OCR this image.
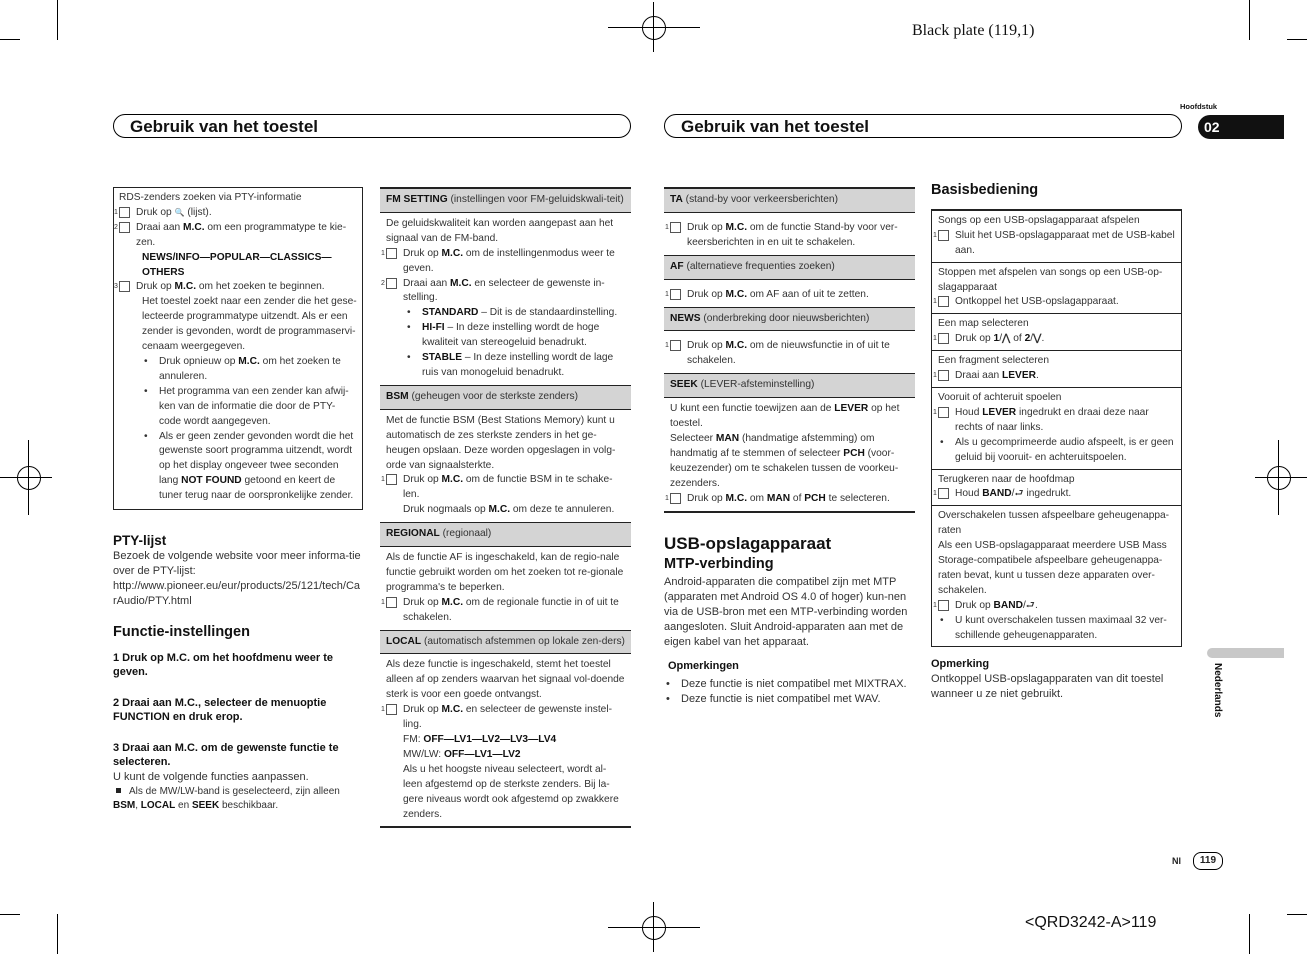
Black plate (119,1)
<QRD3242-A>119
Gebruik van het toestel	Gebruik van het toestel
Hoofdstuk
02
Nederlands
Nl	119
RDS-zenders zoeken via PTY-informatie
1 Druk op 🔍 (lijst).
2 Draai aan M.C. om een programmatype te kie-zen.
NEWS/INFO—POPULAR—CLASSICS—OTHERS
3 Druk op M.C. om het zoeken te beginnen.
Het toestel zoekt naar een zender die het gese-lecteerde programmatype uitzendt. Als er een zender is gevonden, wordt de programmaservi-cenaam weergegeven.
• Druk opnieuw op M.C. om het zoeken te annuleren.
• Het programma van een zender kan afwij-ken van de informatie die door de PTY-code wordt aangegeven.
• Als er geen zender gevonden wordt die het gewenste soort programma uitzendt, wordt op het display ongeveer twee seconden lang NOT FOUND getoond en keert de tuner terug naar de oorspronkelijke zender.
PTY-lijst
Bezoek de volgende website voor meer informa-tie over de PTY-lijst:
http://www.pioneer.eu/eur/products/25/121/tech/CarAudio/PTY.html
Functie-instellingen
1 Druk op M.C. om het hoofdmenu weer te geven.
2 Draai aan M.C., selecteer de menuoptie FUNCTION en druk erop.
3 Draai aan M.C. om de gewenste functie te selecteren.
U kunt de volgende functies aanpassen.
Als de MW/LW-band is geselecteerd, zijn alleen BSM, LOCAL en SEEK beschikbaar.
FM SETTING (instellingen voor FM-geluidskwali-teit)
De geluidskwaliteit kan worden aangepast aan het signaal van de FM-band.
1 Druk op M.C. om de instellingenmodus weer te geven.
2 Draai aan M.C. en selecteer de gewenste in-stelling.
• STANDARD – Dit is de standaardinstelling.
• HI-FI – In deze instelling wordt de hoge kwaliteit van stereogeluid benadrukt.
• STABLE – In deze instelling wordt de lage ruis van monogeluid benadrukt.
BSM (geheugen voor de sterkste zenders)
Met de functie BSM (Best Stations Memory) kunt u automatisch de zes sterkste zenders in het ge-heugen opslaan. Deze worden opgeslagen in volg-orde van signaalsterkte.
1 Druk op M.C. om de functie BSM in te schake-len.
Druk nogmaals op M.C. om deze te annuleren.
REGIONAL (regionaal)
Als de functie AF is ingeschakeld, kan de regio-nale functie gebruikt worden om het zoeken tot re-gionale programma's te beperken.
1 Druk op M.C. om de regionale functie in of uit te schakelen.
LOCAL (automatisch afstemmen op lokale zen-ders)
Als deze functie is ingeschakeld, stemt het toestel alleen af op zenders waarvan het signaal vol-doende sterk is voor een goede ontvangst.
1 Druk op M.C. en selecteer de gewenste instel-ling.
FM: OFF—LV1—LV2—LV3—LV4
MW/LW: OFF—LV1—LV2
Als u het hoogste niveau selecteert, wordt al-leen afgestemd op de sterkste zenders. Bij la-gere niveaus wordt ook afgestemd op zwakkere zenders.
TA (stand-by voor verkeersberichten)
1 Druk op M.C. om de functie Stand-by voor ver-keersberichten in en uit te schakelen.
AF (alternatieve frequenties zoeken)
1 Druk op M.C. om AF aan of uit te zetten.
NEWS (onderbreking door nieuwsberichten)
1 Druk op M.C. om de nieuwsfunctie in of uit te schakelen.
SEEK (LEVER-afsteminstelling)
U kunt een functie toewijzen aan de LEVER op het toestel.
Selecteer MAN (handmatige afstemming) om handmatig af te stemmen of selecteer PCH (voor-keuzezender) om te schakelen tussen de voorkeu-zezenders.
1 Druk op M.C. om MAN of PCH te selecteren.
USB-opslagapparaat
MTP-verbinding
Android-apparaten die compatibel zijn met MTP (apparaten met Android OS 4.0 of hoger) kun-nen via de USB-bron met een MTP-verbinding worden aangesloten. Sluit Android-apparaten aan met de eigen kabel van het apparaat.
Opmerkingen
• Deze functie is niet compatibel met MIXTRAX.
• Deze functie is niet compatibel met WAV.
Basisbediening
Songs op een USB-opslagapparaat afspelen
1 Sluit het USB-opslagapparaat met de USB-kabel aan.
Stoppen met afspelen van songs op een USB-op-slagapparaat
1 Ontkoppel het USB-opslagapparaat.
Een map selecteren
1 Druk op 1/⋀ of 2/⋁.
Een fragment selecteren
1 Draai aan LEVER.
Vooruit of achteruit spoelen
1 Houd LEVER ingedrukt en draai deze naar rechts of naar links.
• Als u gecomprimeerde audio afspeelt, is er geen geluid bij vooruit- en achteruitspoelen.
Terugkeren naar de hoofdmap
1 Houd BAND/⮐ ingedrukt.
Overschakelen tussen afspeelbare geheugenappa-raten
Als een USB-opslagapparaat meerdere USB Mass Storage-compatibele afspeelbare geheugenappa-raten bevat, kunt u tussen deze apparaten over-schakelen.
1 Druk op BAND/⮐.
• U kunt overschakelen tussen maximaal 32 ver-schillende geheugenapparaten.
Opmerking
Ontkoppel USB-opslagapparaten van dit toestel wanneer u ze niet gebruikt.
